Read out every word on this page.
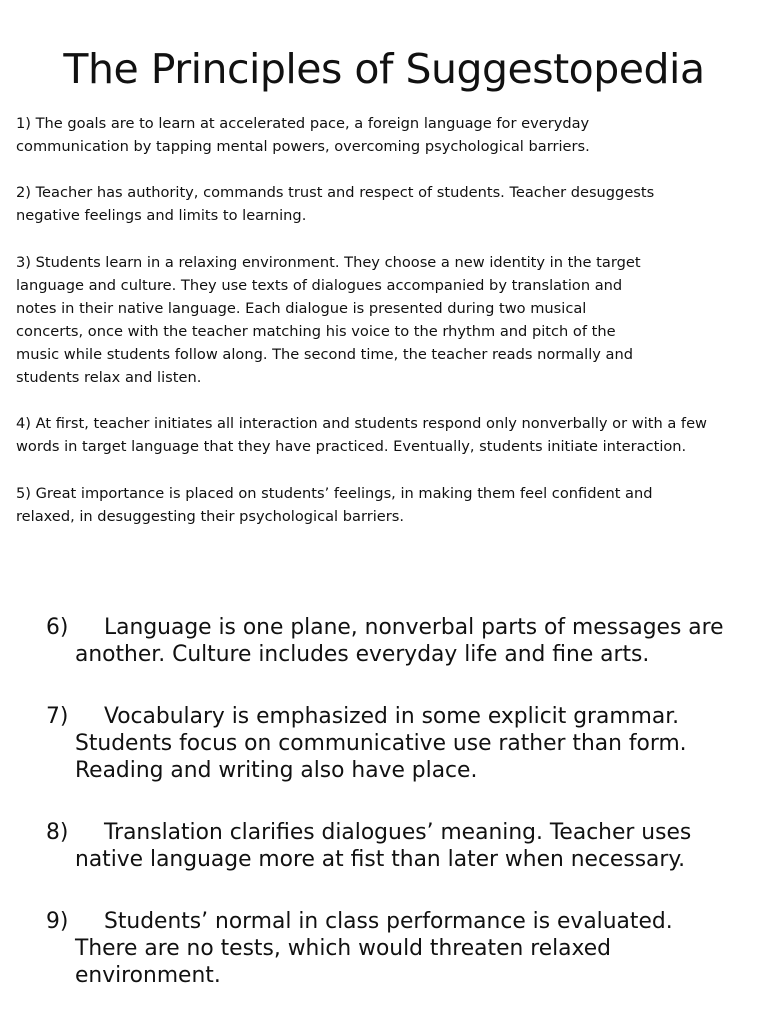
The Principles of Suggestopedia

1) The goals are to learn at accelerated pace, a foreign language for everyday
communication by tapping mental powers, overcoming psychological barriers.

2) Teacher has authority, commands trust and respect of students. Teacher desuggests
negative feelings and limits to learning.

3) Students learn in a relaxing environment. They choose a new identity in the target
language and culture. They use texts of dialogues accompanied by translation and
notes in their native language. Each dialogue is presented during two musical
concerts, once with the teacher matching his voice to the rhythm and pitch of the
music while students follow along. The second time, the teacher reads normally and
students relax and listen.

4) At first, teacher initiates all interaction and students respond only nonverbally or with a few
words in target language that they have practiced. Eventually, students initiate interaction.

5) Great importance is placed on students’ feelings, in making them feel confident and
relaxed, in desuggesting their psychological barriers.

6)	Language is one plane, nonverbal parts of messages are
another. Culture includes everyday life and fine arts.
7)	Vocabulary is emphasized in some explicit grammar.
Students focus on communicative use rather than form.
Reading and writing also have place.
8)	Translation clarifies dialogues’ meaning. Teacher uses
native language more at fist than later when necessary.
9)	Students’ normal in class performance is evaluated.
There are no tests, which would threaten relaxed
environment.
